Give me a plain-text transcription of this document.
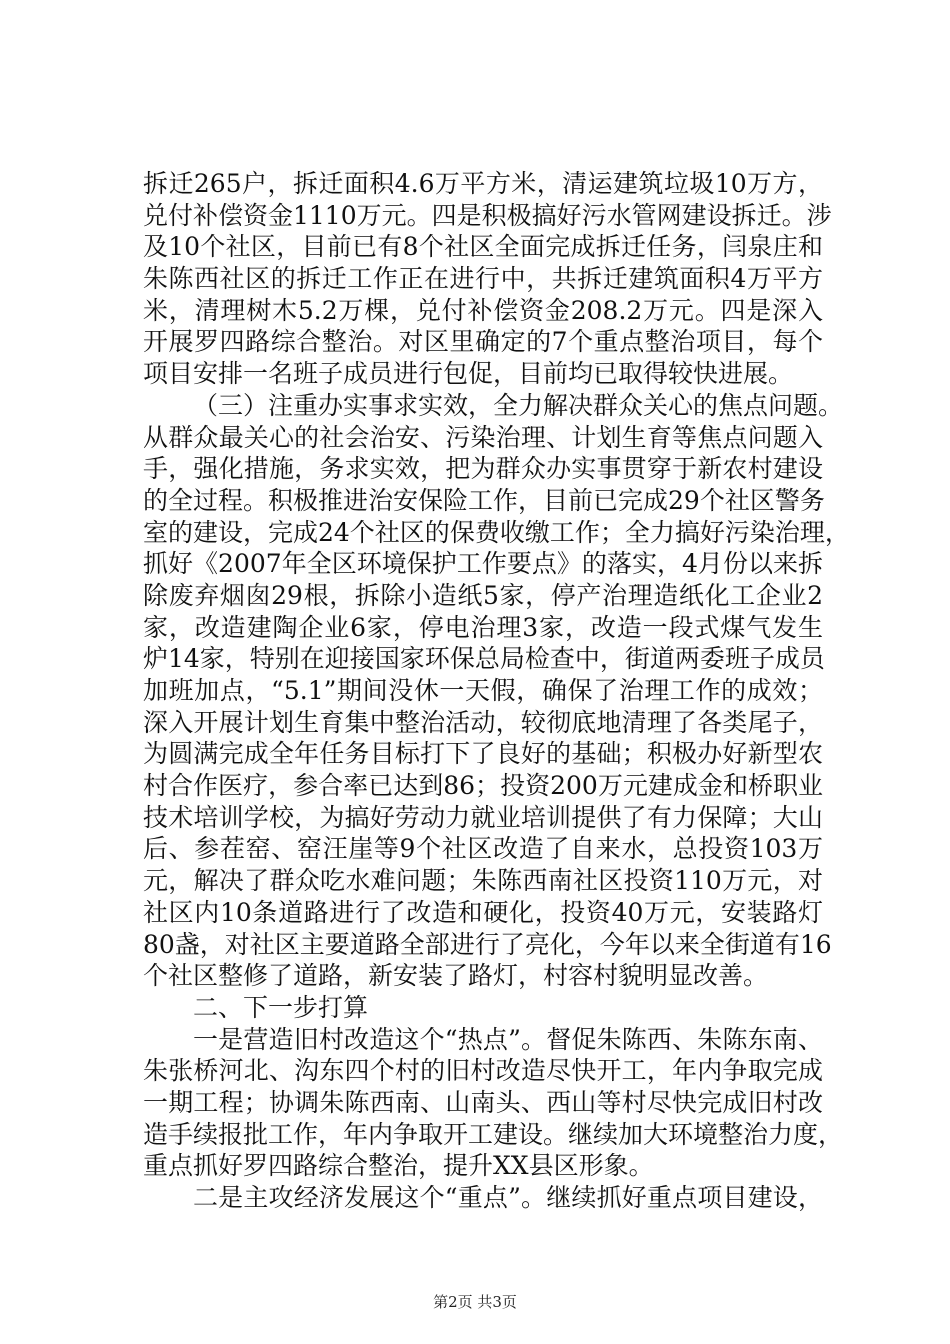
拆迁265户，拆迁面积4.6万平方米，清运建筑垃圾10万方，
兑付补偿资金1110万元。四是积极搞好污水管网建设拆迁。涉
及10个社区，目前已有8个社区全面完成拆迁任务，闫泉庄和
朱陈西社区的拆迁工作正在进行中，共拆迁建筑面积4万平方
米，清理树木5.2万棵，兑付补偿资金208.2万元。四是深入
开展罗四路综合整治。对区里确定的7个重点整治项目，每个
项目安排一名班子成员进行包促，目前均已取得较快进展。
（三）注重办实事求实效，全力解决群众关心的焦点问题。
从群众最关心的社会治安、污染治理、计划生育等焦点问题入
手，强化措施，务求实效，把为群众办实事贯穿于新农村建设
的全过程。积极推进治安保险工作，目前已完成29个社区警务
室的建设，完成24个社区的保费收缴工作；全力搞好污染治理，
抓好《2007年全区环境保护工作要点》的落实，4月份以来拆
除废弃烟囱29根，拆除小造纸5家，停产治理造纸化工企业2
家，改造建陶企业6家，停电治理3家，改造一段式煤气发生
炉14家，特别在迎接国家环保总局检查中，街道两委班子成员
加班加点，“5.1”期间没休一天假，确保了治理工作的成效；
深入开展计划生育集中整治活动，较彻底地清理了各类尾子，
为圆满完成全年任务目标打下了良好的基础；积极办好新型农
村合作医疗，参合率已达到86；投资200万元建成金和桥职业
技术培训学校，为搞好劳动力就业培训提供了有力保障；大山
后、参茬窑、窑汪崖等9个社区改造了自来水，总投资103万
元，解决了群众吃水难问题；朱陈西南社区投资110万元，对
社区内10条道路进行了改造和硬化，投资40万元，安装路灯
80盏，对社区主要道路全部进行了亮化，今年以来全街道有16
个社区整修了道路，新安装了路灯，村容村貌明显改善。
二、下一步打算
一是营造旧村改造这个“热点”。督促朱陈西、朱陈东南、
朱张桥河北、沟东四个村的旧村改造尽快开工，年内争取完成
一期工程；协调朱陈西南、山南头、西山等村尽快完成旧村改
造手续报批工作，年内争取开工建设。继续加大环境整治力度，
重点抓好罗四路综合整治，提升XX县区形象。
二是主攻经济发展这个“重点”。继续抓好重点项目建设，
第2页 共3页
